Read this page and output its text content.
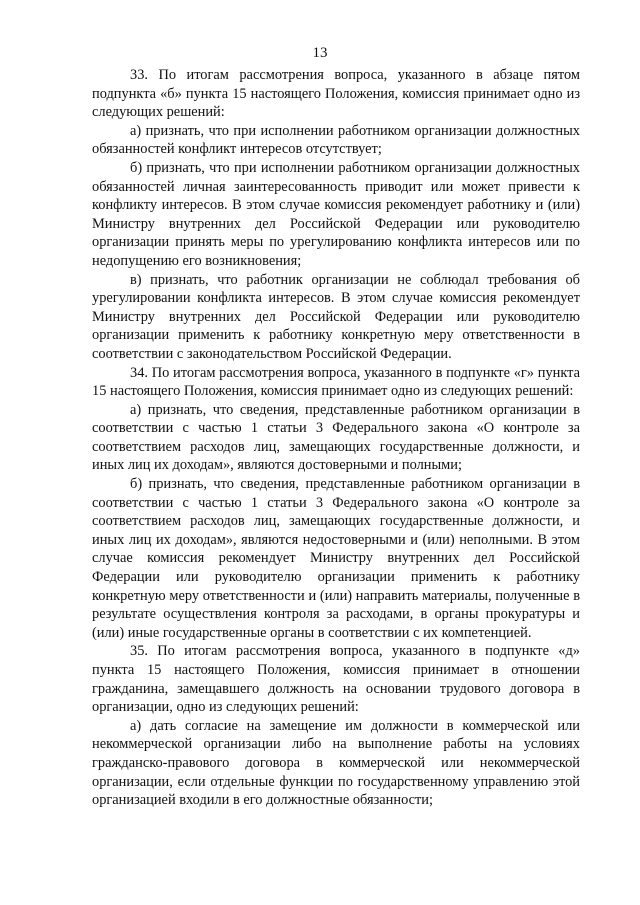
13

33. По итогам рассмотрения вопроса, указанного в абзаце пятом подпункта «б» пункта 15 настоящего Положения, комиссия принимает одно из следующих решений:

а) признать, что при исполнении работником организации должностных обязанностей конфликт интересов отсутствует;

б) признать, что при исполнении работником организации должностных обязанностей личная заинтересованность приводит или может привести к конфликту интересов. В этом случае комиссия рекомендует работнику и (или) Министру внутренних дел Российской Федерации или руководителю организации принять меры по урегулированию конфликта интересов или по недопущению его возникновения;

в) признать, что работник организации не соблюдал требования об урегулировании конфликта интересов. В этом случае комиссия рекомендует Министру внутренних дел Российской Федерации или руководителю организации применить к работнику конкретную меру ответственности в соответствии с законодательством Российской Федерации.

34. По итогам рассмотрения вопроса, указанного в подпункте «г» пункта 15 настоящего Положения, комиссия принимает одно из следующих решений:

а) признать, что сведения, представленные работником организации в соответствии с частью 1 статьи 3 Федерального закона «О контроле за соответствием расходов лиц, замещающих государственные должности, и иных лиц их доходам», являются достоверными и полными;

б) признать, что сведения, представленные работником организации в соответствии с частью 1 статьи 3 Федерального закона «О контроле за соответствием расходов лиц, замещающих государственные должности, и иных лиц их доходам», являются недостоверными и (или) неполными. В этом случае комиссия рекомендует Министру внутренних дел Российской Федерации или руководителю организации применить к работнику конкретную меру ответственности и (или) направить материалы, полученные в результате осуществления контроля за расходами, в органы прокуратуры и (или) иные государственные органы в соответствии с их компетенцией.

35. По итогам рассмотрения вопроса, указанного в подпункте «д» пункта 15 настоящего Положения, комиссия принимает в отношении гражданина, замещавшего должность на основании трудового договора в организации, одно из следующих решений:

а) дать согласие на замещение им должности в коммерческой или некоммерческой организации либо на выполнение работы на условиях гражданско-правового договора в коммерческой или некоммерческой организации, если отдельные функции по государственному управлению этой организацией входили в его должностные обязанности;
